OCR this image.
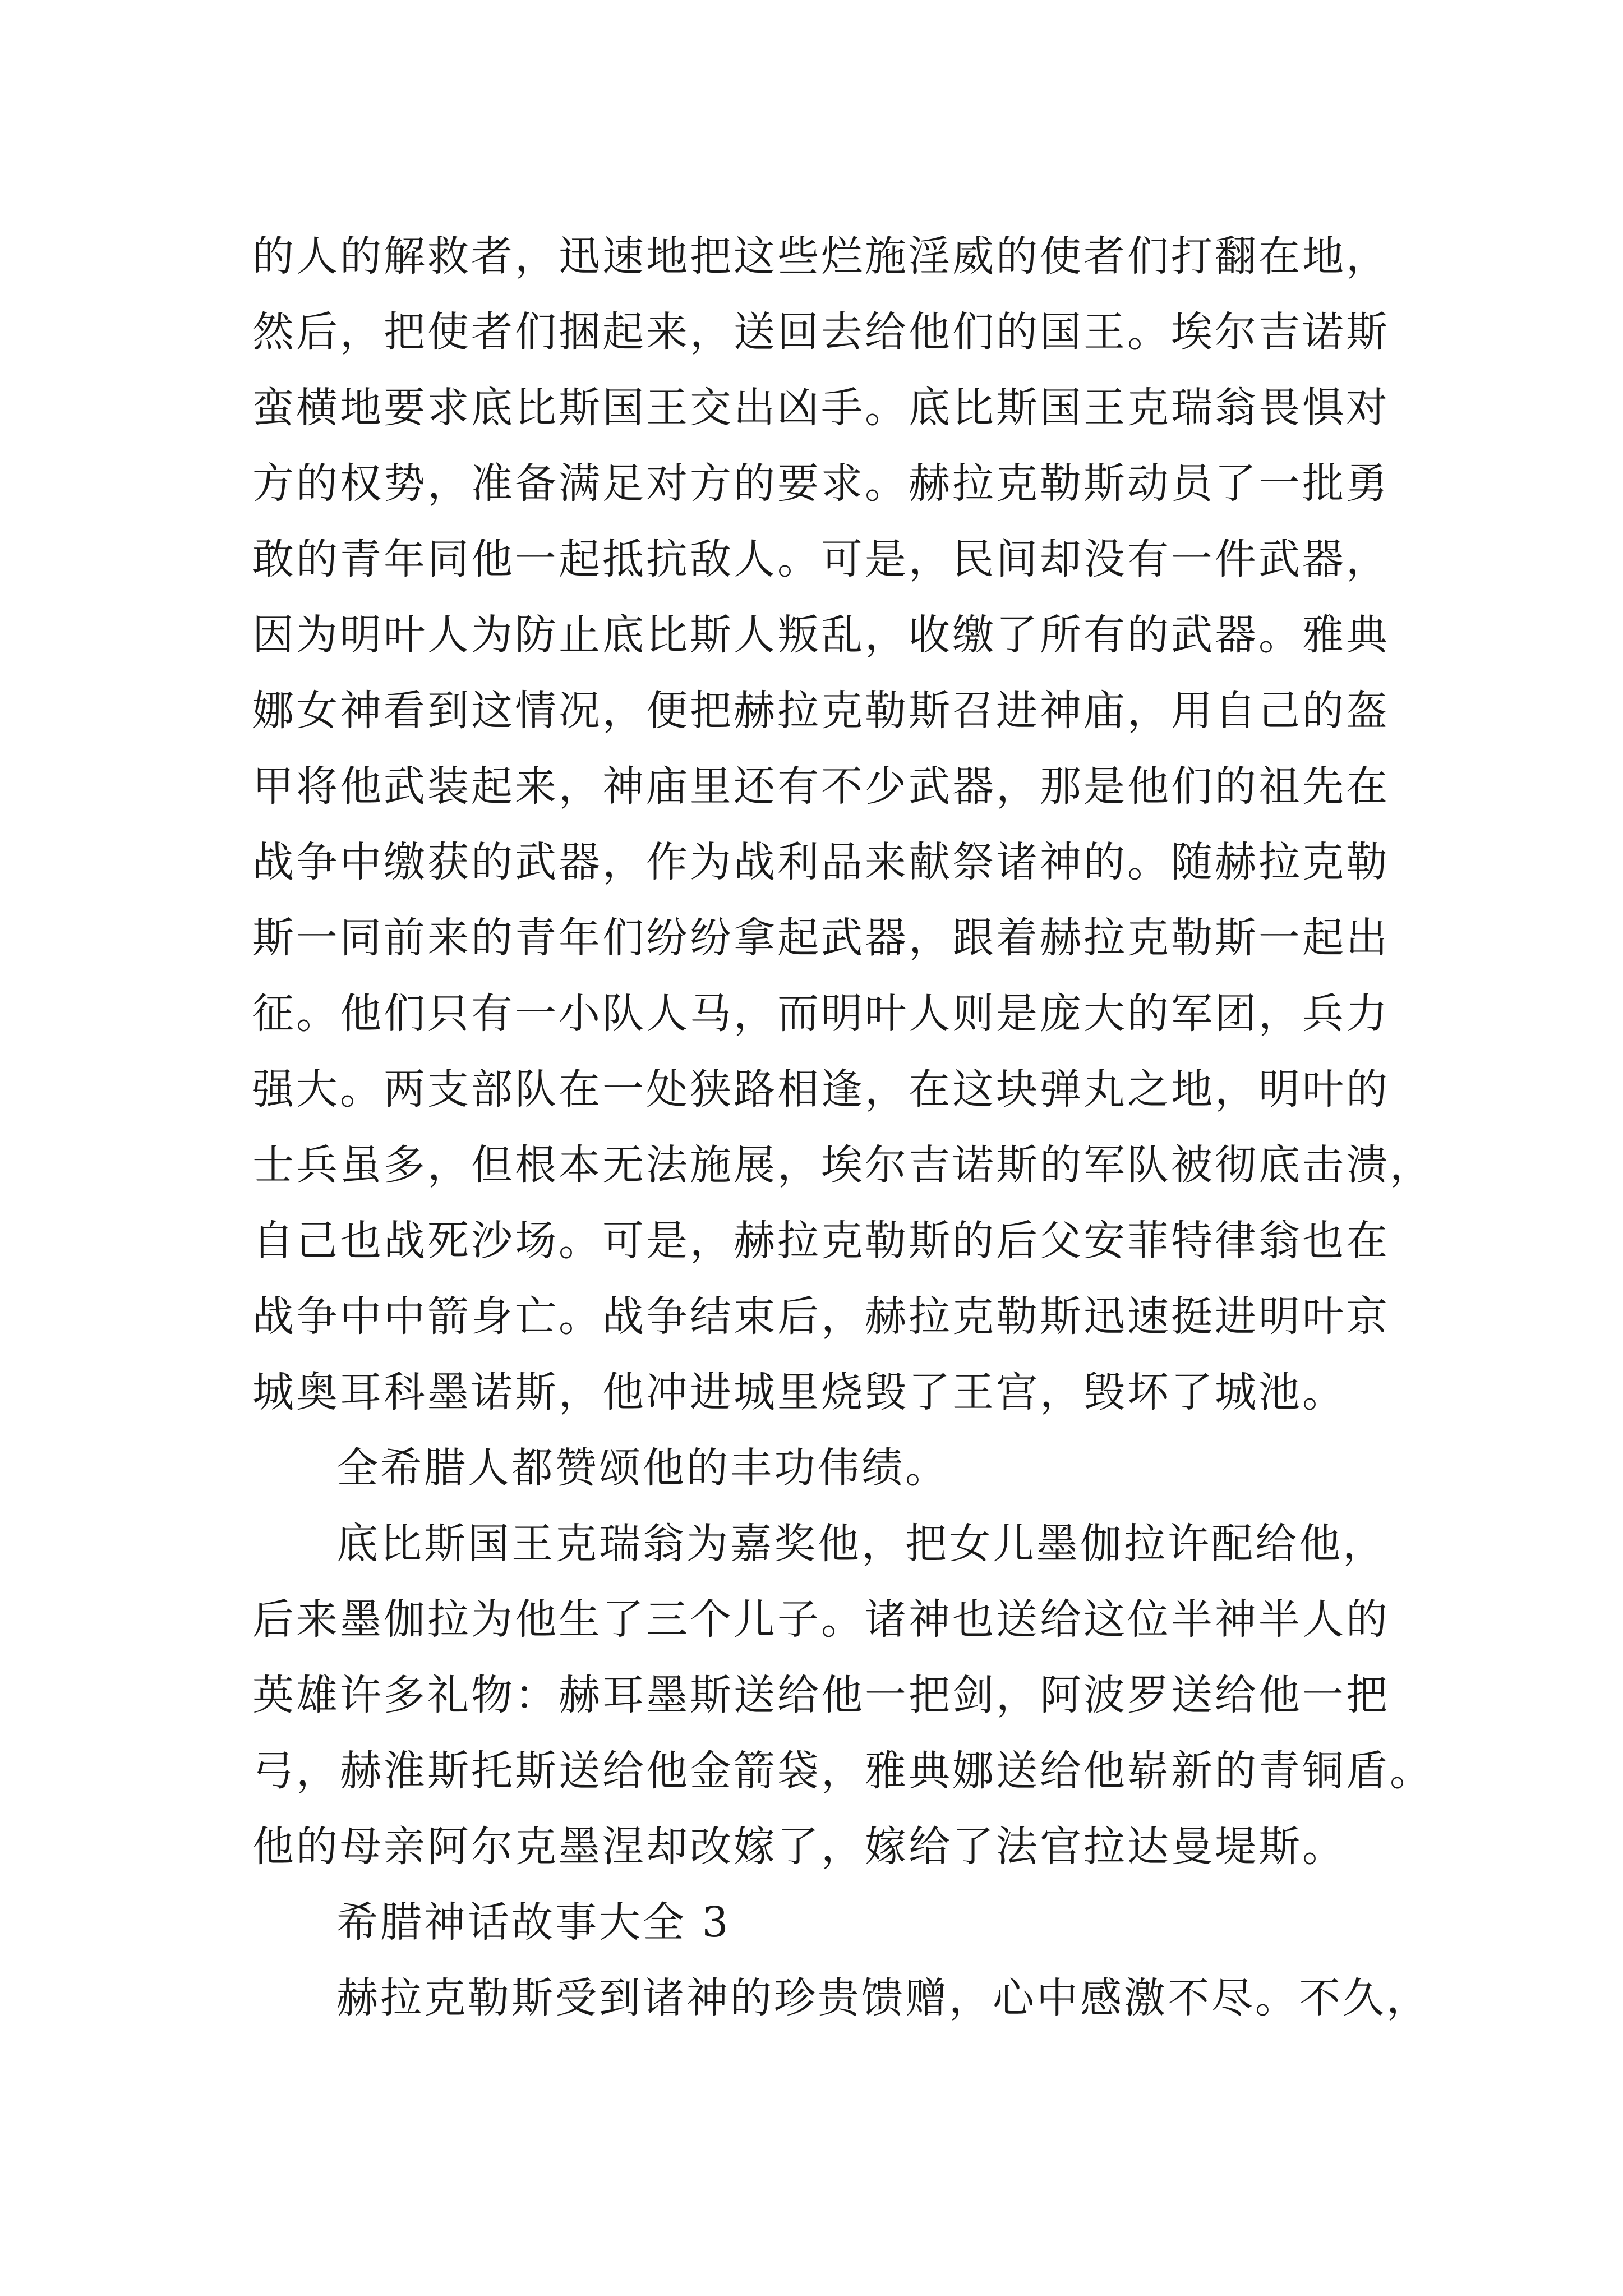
的人的解救者，迅速地把这些烂施淫威的使者们打翻在地，
然后，把使者们捆起来，送回去给他们的国王。埃尔吉诺斯
蛮横地要求底比斯国王交出凶手。底比斯国王克瑞翁畏惧对
方的权势，准备满足对方的要求。赫拉克勒斯动员了一批勇
敢的青年同他一起抵抗敌人。可是，民间却没有一件武器，
因为明叶人为防止底比斯人叛乱，收缴了所有的武器。雅典
娜女神看到这情况，便把赫拉克勒斯召进神庙，用自己的盔
甲将他武装起来，神庙里还有不少武器，那是他们的祖先在
战争中缴获的武器，作为战利品来献祭诸神的。随赫拉克勒
斯一同前来的青年们纷纷拿起武器，跟着赫拉克勒斯一起出
征。他们只有一小队人马，而明叶人则是庞大的军团，兵力
强大。两支部队在一处狭路相逢，在这块弹丸之地，明叶的
士兵虽多，但根本无法施展，埃尔吉诺斯的军队被彻底击溃，
自己也战死沙场。可是，赫拉克勒斯的后父安菲特律翁也在
战争中中箭身亡。战争结束后，赫拉克勒斯迅速挺进明叶京
城奥耳科墨诺斯，他冲进城里烧毁了王宫，毁坏了城池。
全希腊人都赞颂他的丰功伟绩。
底比斯国王克瑞翁为嘉奖他，把女儿墨伽拉许配给他，
后来墨伽拉为他生了三个儿子。诸神也送给这位半神半人的
英雄许多礼物：赫耳墨斯送给他一把剑，阿波罗送给他一把
弓，赫淮斯托斯送给他金箭袋，雅典娜送给他崭新的青铜盾。
他的母亲阿尔克墨涅却改嫁了，嫁给了法官拉达曼堤斯。
希腊神话故事大全 3
赫拉克勒斯受到诸神的珍贵馈赠，心中感激不尽。不久，
